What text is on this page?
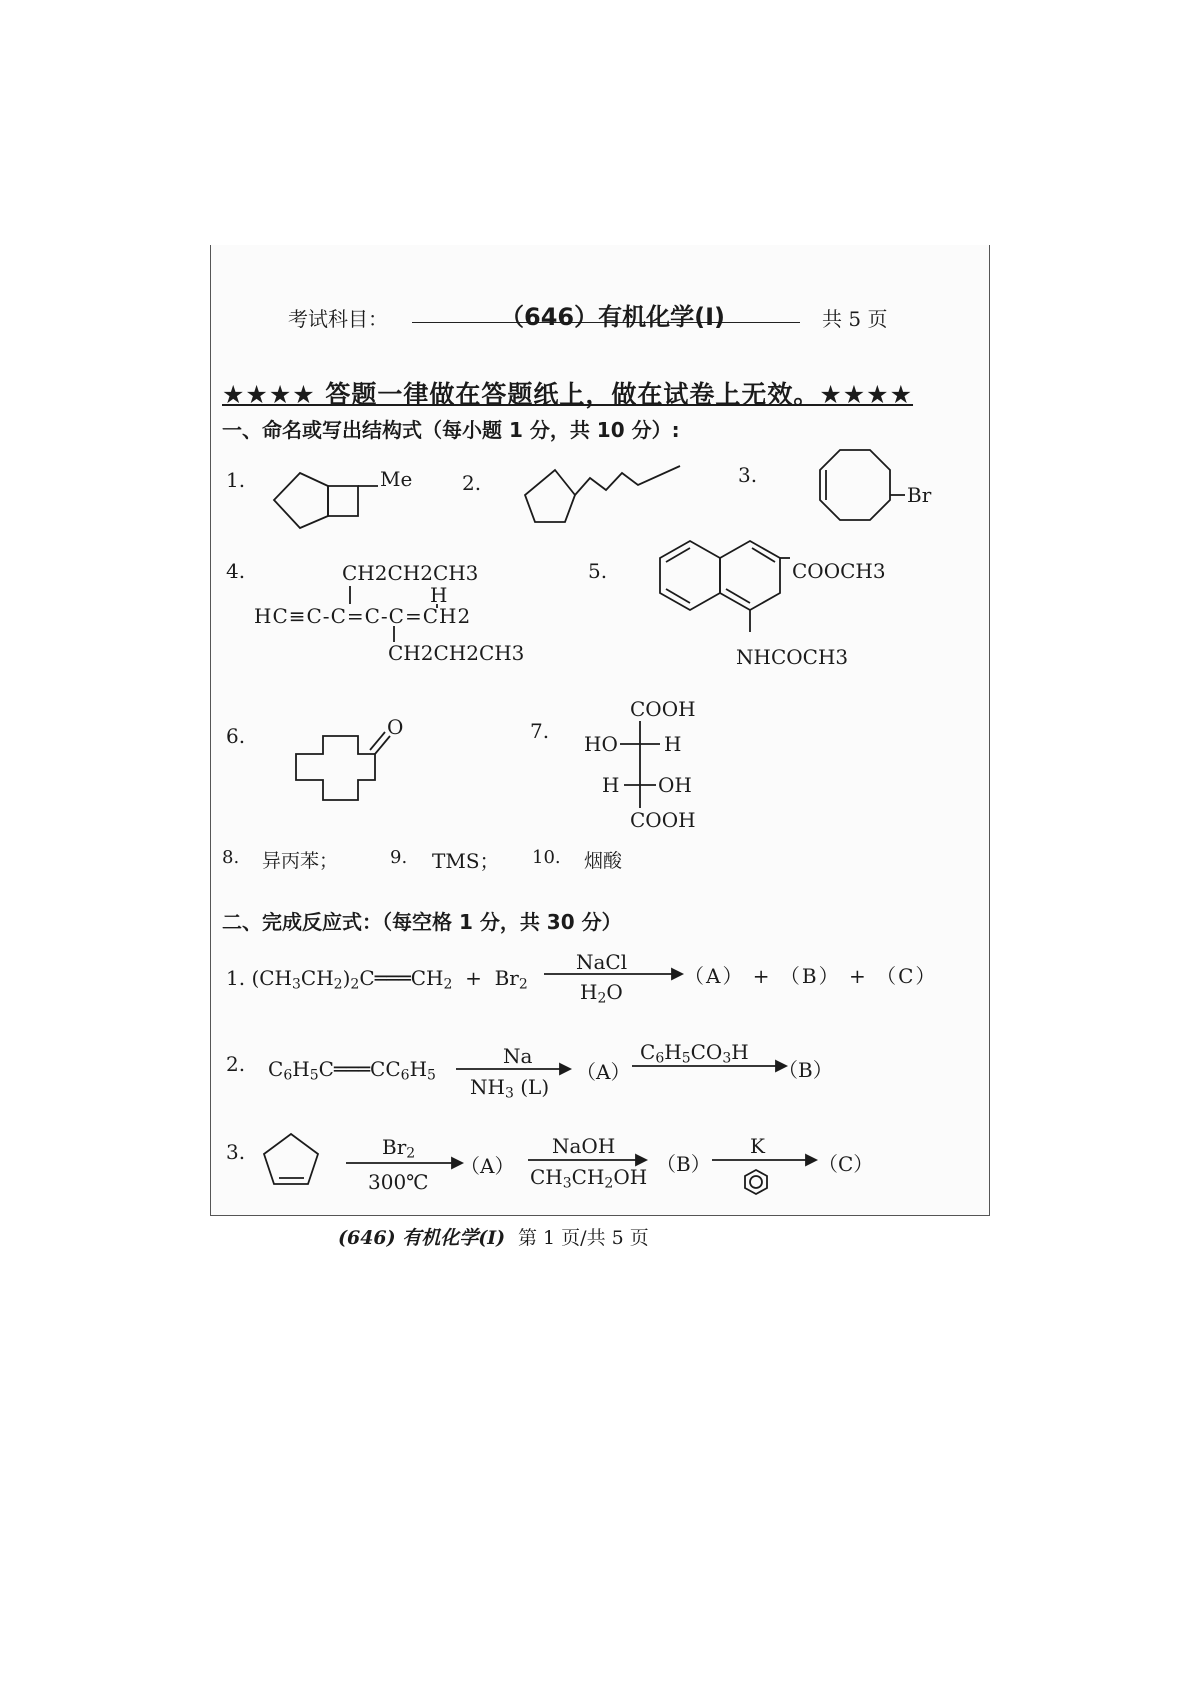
考试科目：	（646）有机化学(Ⅰ)	共 5 页
★★★★ 答题一律做在答题纸上，做在试卷上无效。★★★★
一、命名或写出结构式（每小题 1 分，共 10 分）:
1.	Me 2.	3.
Br
4.	CH2CH2CH3
H
HC≡C-C=C-C=CH2
CH2CH2CH3
5.	COOCH3
NHCOCH3
6.	O	7.
COOH
HO H
H OH
COOH
8. 异丙苯；	9. TMS； 10. 烟酸
二、完成反应式：（每空格 1 分，共 30 分）
1. $(CH_3CH_2)_2C═══CH_2 + Br_2$
NaCl
$H_2O$
（A） + （B） + （C）
2. $C_6H_5C═══CC_6H_5$
Na
$NH_3$ (L)
（A）
$C_6H_5CO_3H$
（B）
3.	$Br_2$
300℃
（A）
NaOH
$CH_3CH_2OH$
（B）
K
（C）
(646) 有机化学(Ⅰ) 第 1 页/共 5 页
